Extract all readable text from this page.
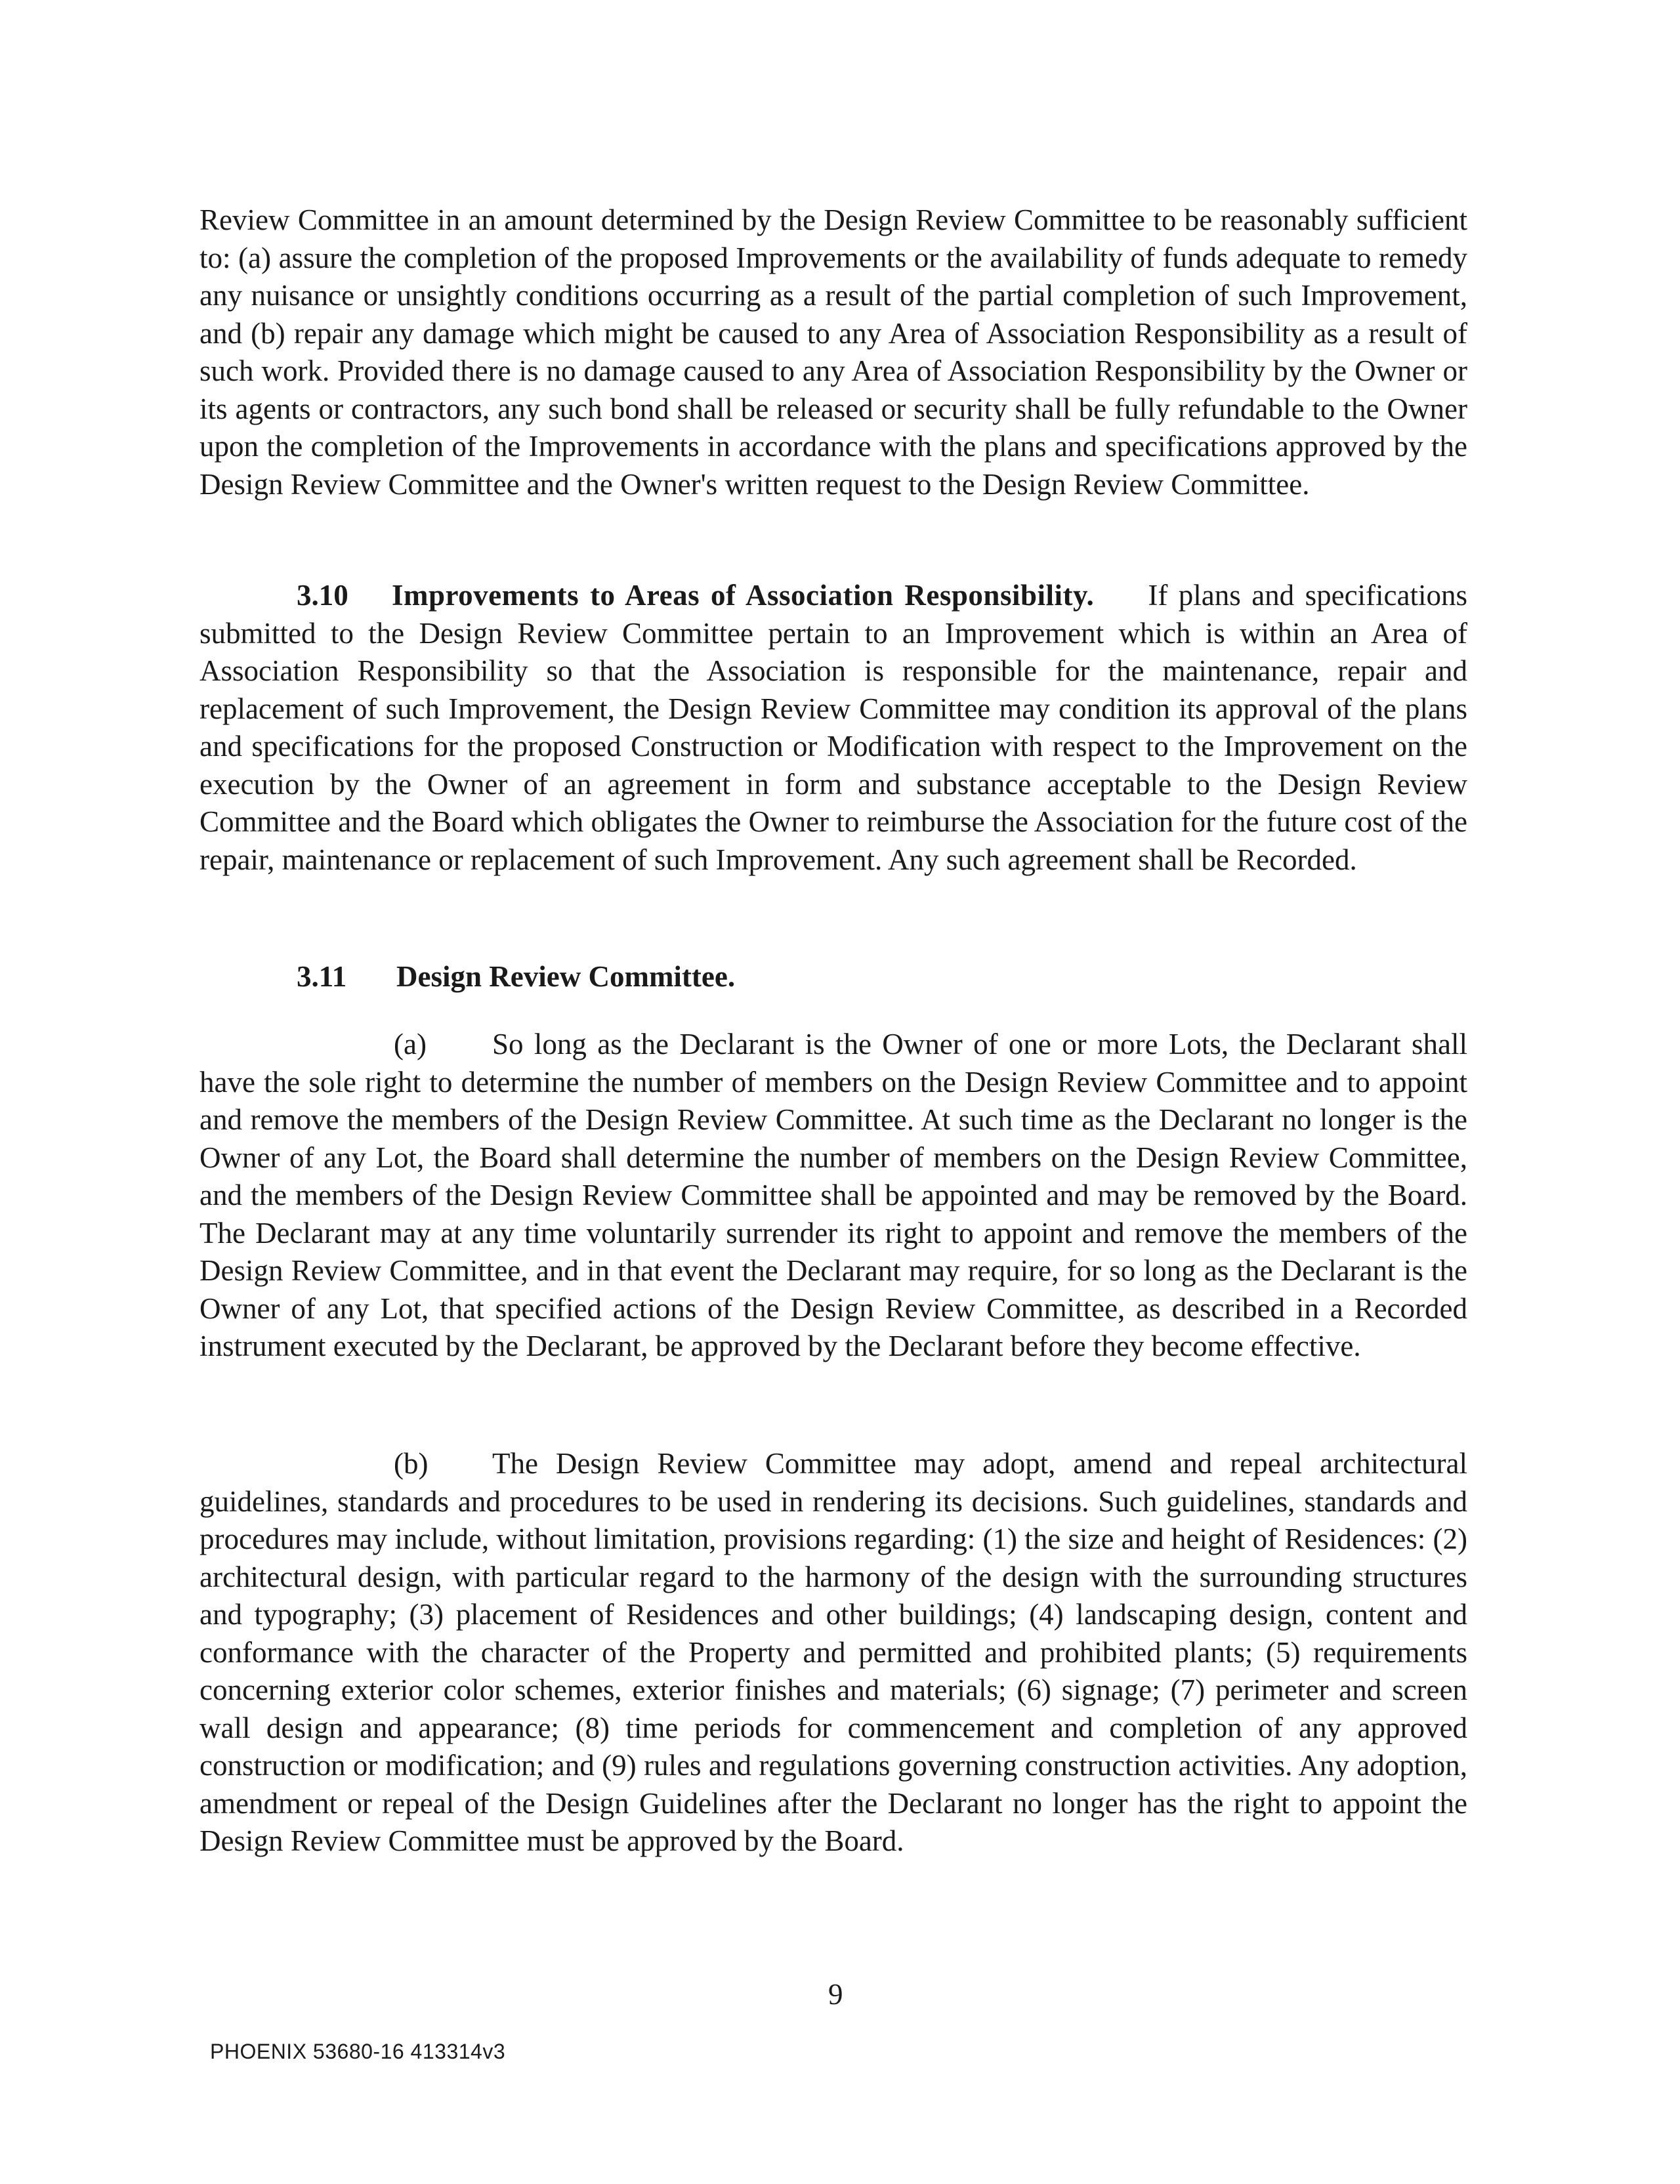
Review Committee in an amount determined by the Design Review Committee to be reasonably sufficient to: (a) assure the completion of the proposed Improvements or the availability of funds adequate to remedy any nuisance or unsightly conditions occurring as a result of the partial completion of such Improvement, and (b) repair any damage which might be caused to any Area of Association Responsibility as a result of such work. Provided there is no damage caused to any Area of Association Responsibility by the Owner or its agents or contractors, any such bond shall be released or security shall be fully refundable to the Owner upon the completion of the Improvements in accordance with the plans and specifications approved by the Design Review Committee and the Owner's written request to the Design Review Committee.

3.10 Improvements to Areas of Association Responsibility. If plans and specifications submitted to the Design Review Committee pertain to an Improvement which is within an Area of Association Responsibility so that the Association is responsible for the maintenance, repair and replacement of such Improvement, the Design Review Committee may condition its approval of the plans and specifications for the proposed Construction or Modification with respect to the Improvement on the execution by the Owner of an agreement in form and substance acceptable to the Design Review Committee and the Board which obligates the Owner to reimburse the Association for the future cost of the repair, maintenance or replacement of such Improvement. Any such agreement shall be Recorded.

3.11 Design Review Committee.

(a) So long as the Declarant is the Owner of one or more Lots, the Declarant shall have the sole right to determine the number of members on the Design Review Committee and to appoint and remove the members of the Design Review Committee. At such time as the Declarant no longer is the Owner of any Lot, the Board shall determine the number of members on the Design Review Committee, and the members of the Design Review Committee shall be appointed and may be removed by the Board. The Declarant may at any time voluntarily surrender its right to appoint and remove the members of the Design Review Committee, and in that event the Declarant may require, for so long as the Declarant is the Owner of any Lot, that specified actions of the Design Review Committee, as described in a Recorded instrument executed by the Declarant, be approved by the Declarant before they become effective.

(b) The Design Review Committee may adopt, amend and repeal architectural guidelines, standards and procedures to be used in rendering its decisions. Such guidelines, standards and procedures may include, without limitation, provisions regarding: (1) the size and height of Residences: (2) architectural design, with particular regard to the harmony of the design with the surrounding structures and typography; (3) placement of Residences and other buildings; (4) landscaping design, content and conformance with the character of the Property and permitted and prohibited plants; (5) requirements concerning exterior color schemes, exterior finishes and materials; (6) signage; (7) perimeter and screen wall design and appearance; (8) time periods for commencement and completion of any approved construction or modification; and (9) rules and regulations governing construction activities. Any adoption, amendment or repeal of the Design Guidelines after the Declarant no longer has the right to appoint the Design Review Committee must be approved by the Board.

9

PHOENIX 53680-16 413314v3
